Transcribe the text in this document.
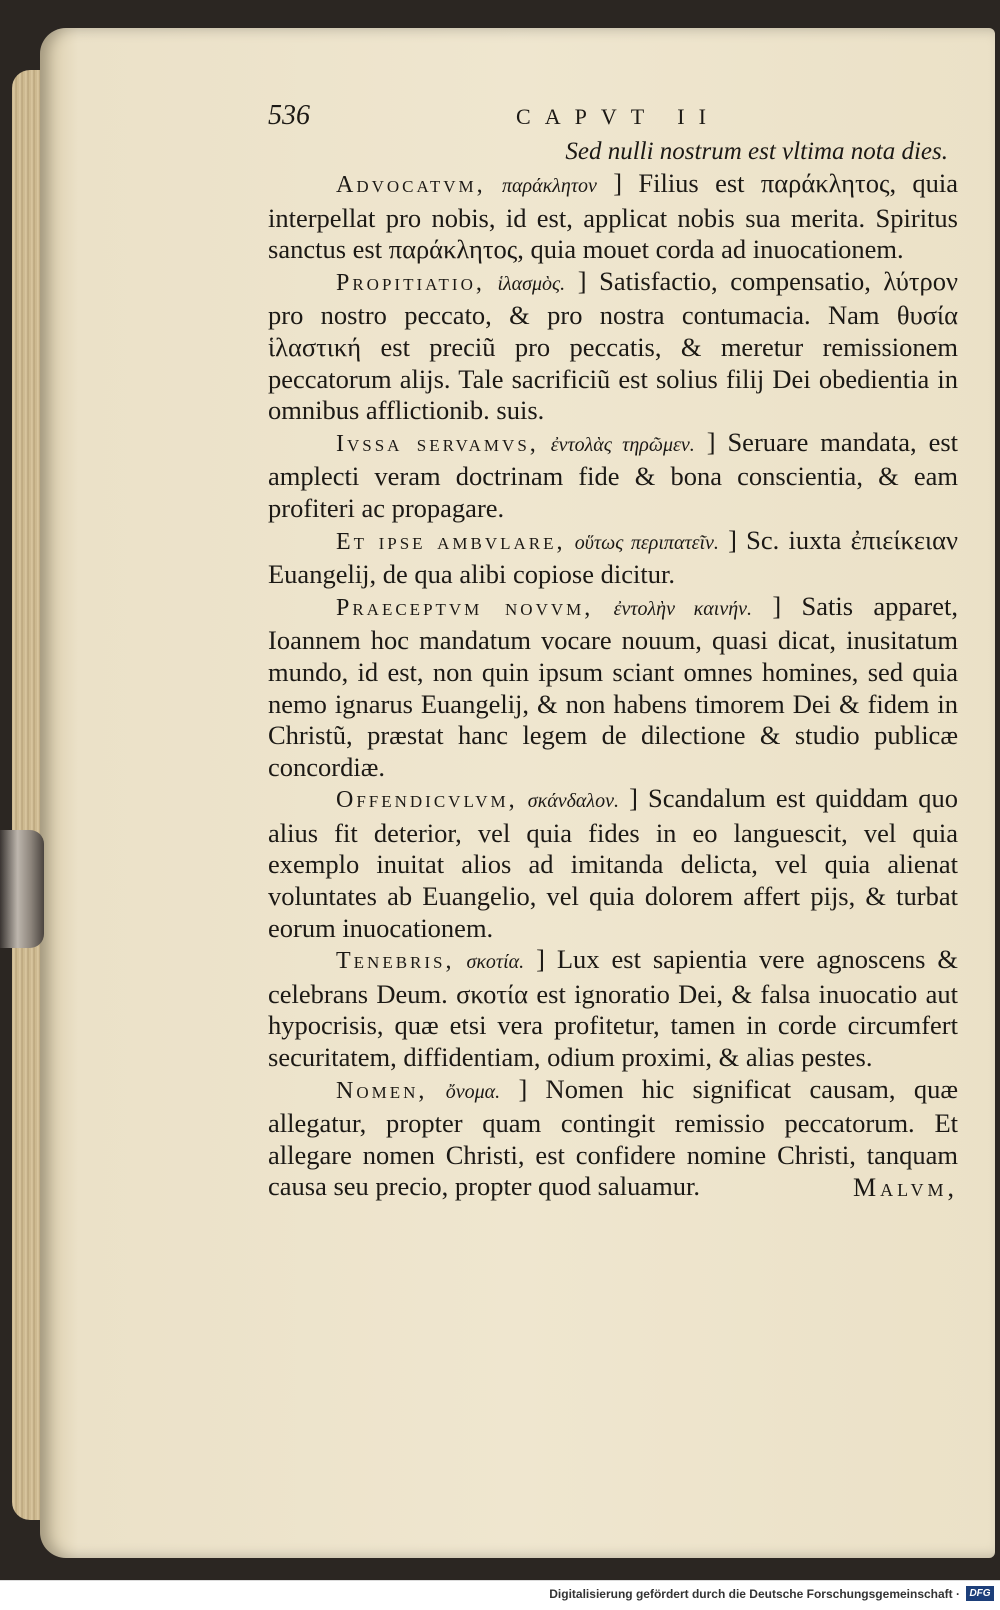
536	CAPVT II
Sed nulli nostrum est vltima nota dies.

Advocatvm, παράκλητον ] Filius est παράκλητος, quia interpellat pro nobis, id est, applicat nobis sua merita. Spiritus sanctus est παράκλητος, quia mouet corda ad inuocationem.

Propitiatio, ἱλασμὸς. ] Satisfactio, compensatio, λύτρον pro nostro peccato, & pro nostra contumacia. Nam θυσία ἱλαστική est preciũ pro peccatis, & meretur remissionem peccatorum alijs. Tale sacrificiũ est solius filij Dei obedientia in omnibus afflictionib. suis.

Ivssa servamvs, ἐντολὰς τηρῶμεν. ] Seruare mandata, est amplecti veram doctrinam fide & bona conscientia, & eam profiteri ac propagare.

Et ipse ambvlare, οὕτως περιπατεῖν. ] Sc. iuxta ἐπιείκειαν Euangelij, de qua alibi copiose dicitur.

Praeceptvm novvm, ἐντολὴν καινήν. ] Satis apparet, Ioannem hoc mandatum vocare nouum, quasi dicat, inusitatum mundo, id est, non quin ipsum sciant omnes homines, sed quia nemo ignarus Euangelij, & non habens timorem Dei & fidem in Christũ, præstat hanc legem de dilectione & studio publicæ concordiæ.

Offendicvlvm, σκάνδαλον. ] Scandalum est quiddam quo alius fit deterior, vel quia fides in eo languescit, vel quia exemplo inuitat alios ad imitanda delicta, vel quia alienat voluntates ab Euangelio, vel quia dolorem affert pijs, & turbat eorum inuocationem.

Tenebris, σκοτία. ] Lux est sapientia vere agnoscens & celebrans Deum. σκοτία est ignoratio Dei, & falsa inuocatio aut hypocrisis, quæ etsi vera profitetur, tamen in corde circumfert securitatem, diffidentiam, odium proximi, & alias pestes.

Nomen, ὄνομα. ] Nomen hic significat causam, quæ allegatur, propter quam contingit remissio peccatorum. Et allegare nomen Christi, est confidere nomine Christi, tanquam causa seu precio, propter quod saluamur.	Malvm,
Digitalisierung gefördert durch die Deutsche Forschungsgemeinschaft · DFG
